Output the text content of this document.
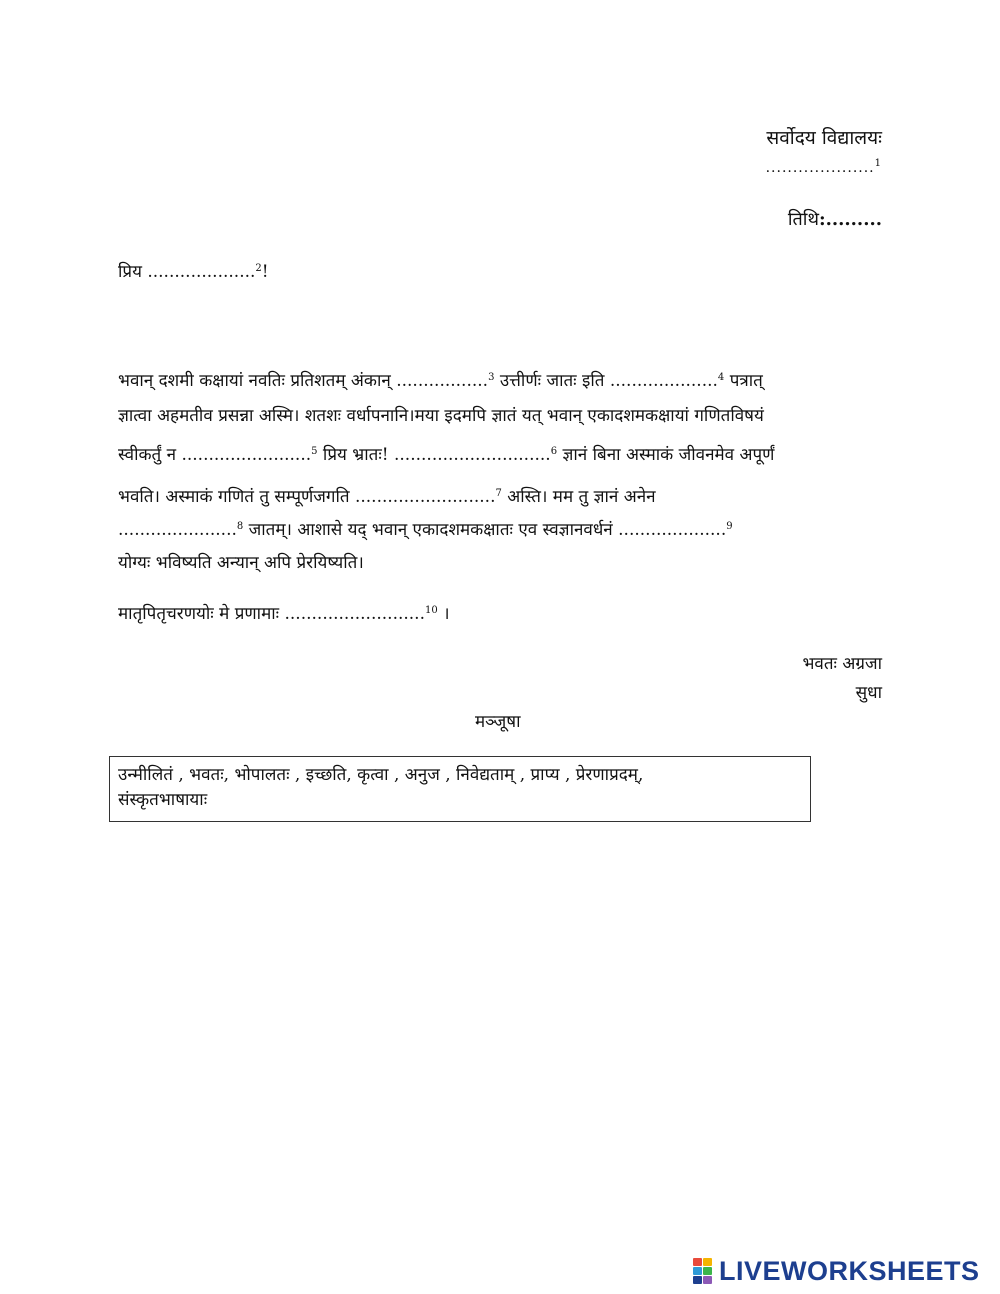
सर्वोदय विद्यालयः
....................$^1$
तिथि:.........
प्रिय ....................$^2$!
भवान् दशमी कक्षायां नवतिः प्रतिशतम् अंकान् .................$^3$ उत्तीर्णः जातः इति ....................$^4$ पत्रात्
ज्ञात्वा अहमतीव प्रसन्ना अस्मि। शतशः वर्धापनानि।मया इदमपि ज्ञातं यत् भवान् एकादशमकक्षायां गणितविषयं
स्वीकर्तुं न ........................$^5$ प्रिय भ्रातः! .............................$^6$ ज्ञानं बिना अस्माकं जीवनमेव अपूर्णं
भवति। अस्माकं गणितं तु सम्पूर्णजगति ..........................$^7$ अस्ति। मम तु ज्ञानं अनेन
......................$^8$ जातम्। आशासे यद् भवान् एकादशमकक्षातः एव स्वज्ञानवर्धनं ....................$^9$
योग्यः भविष्यति अन्यान् अपि प्रेरयिष्यति।
मातृपितृचरणयोः मे प्रणामाः ..........................$^{10}$ ।
भवतः अग्रजा
सुधा
मञ्जूषा
उन्मीलितं , भवतः, भोपालतः , इच्छति, कृत्वा , अनुज , निवेद्यताम् , प्राप्य , प्रेरणाप्रदम्,
संस्कृतभाषायाः
LIVEWORKSHEETS
